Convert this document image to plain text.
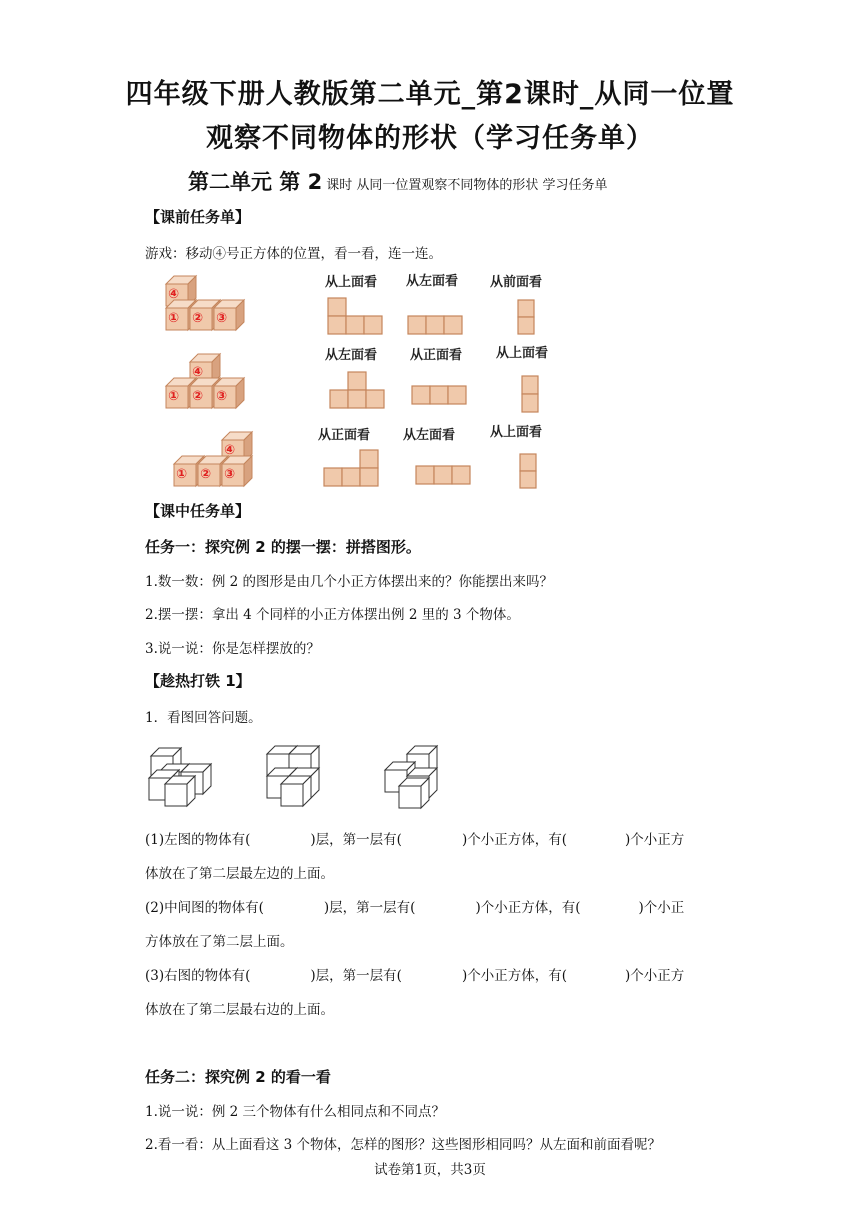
四年级下册人教版第二单元_第2课时_从同一位置
观察不同物体的形状（学习任务单）
第二单元 第 2 课时 从同一位置观察不同物体的形状 学习任务单
【课前任务单】
游戏：移动④号正方体的位置，看一看，连一连。
④
① ② ③
④
① ② ③
④
① ② ③
从上面看 从左面看 从前面看
从左面看	从正面看	从上面看
从正面看	从左面看	从上面看
【课中任务单】
任务一：探究例 2 的摆一摆：拼搭图形。
1.数一数：例 2 的图形是由几个小正方体摆出来的？你能摆出来吗？
2.摆一摆：拿出 4 个同样的小正方体摆出例 2 里的 3 个物体。
3.说一说：你是怎样摆放的？
【趁热打铁 1】
1．看图回答问题。
(1)左图的物体有(	)层，第一层有(	)个小正方体，有(	)个小正方
体放在了第二层最左边的上面。
(2)中间图的物体有(	)层，第一层有(	)个小正方体，有(	)个小正
方体放在了第二层上面。
(3)右图的物体有(	)层，第一层有(	)个小正方体，有(	)个小正方
体放在了第二层最右边的上面。
任务二：探究例 2 的看一看
1.说一说：例 2 三个物体有什么相同点和不同点？
2.看一看：从上面看这 3 个物体，怎样的图形？这些图形相同吗？从左面和前面看呢？
试卷第1页，共3页
